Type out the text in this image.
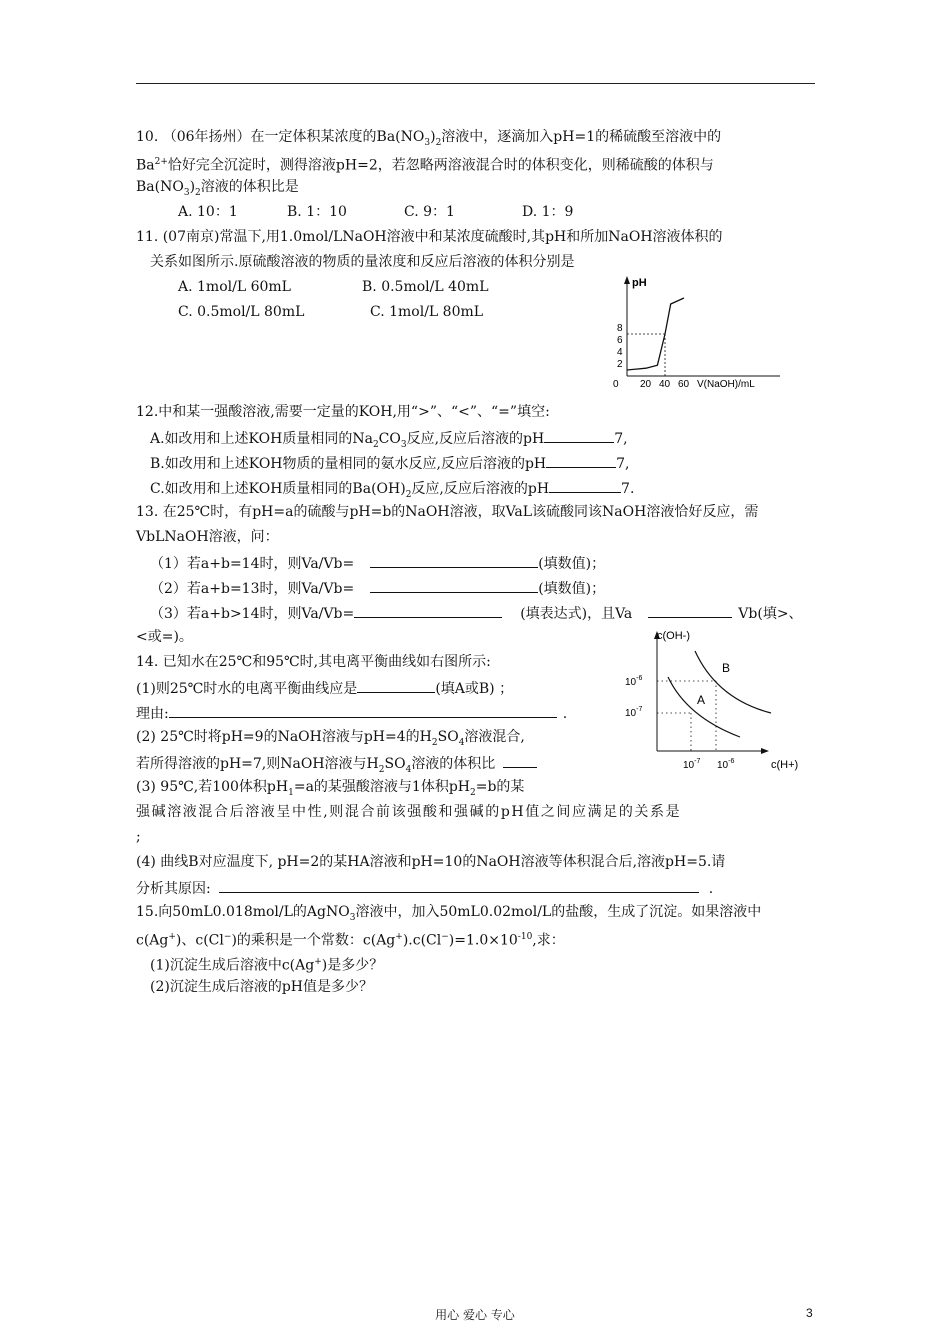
10. （06年扬州）在一定体积某浓度的$Ba(NO_3)_2$溶液中，逐滴加入pH=1的稀硫酸至溶液中的
$Ba^{2+}$恰好完全沉淀时，测得溶液pH=2，若忽略两溶液混合时的体积变化，则稀硫酸的体积与
$Ba(NO_3)_2$溶液的体积比是
A. 10：1	B. 1：10	C. 9：1	D. 1：9
11. (07南京)常温下,用1.0mol/LNaOH溶液中和某浓度硫酸时,其pH和所加NaOH溶液体积的
关系如图所示.原硫酸溶液的物质的量浓度和反应后溶液的体积分别是
A. 1mol/L 60mL	B. 0.5mol/L 40mL
C. 0.5mol/L 80mL	C. 1mol/L 80mL
pH
V(NaOH)/mL
2
4
6
8
0 20 40 60
12.中和某一强酸溶液,需要一定量的KOH,用“>”、“<”、“=”填空:
A.如改用和上述KOH质量相同的$Na_2CO_3$反应,反应后溶液的pH	7,
B.如改用和上述KOH物质的量相同的氨水反应,反应后溶液的pH	7,
C.如改用和上述KOH质量相同的$Ba(OH)_2$反应,反应后溶液的pH	7.
13. 在25℃时，有pH=a的硫酸与pH=b的NaOH溶液，取VaL该硫酸同该NaOH溶液恰好反应，需
VbLNaOH溶液，问：
（1）若a+b=14时，则Va/Vb=	(填数值)；
（2）若a+b=13时，则Va/Vb=	(填数值)；
（3）若a+b>14时，则Va/Vb=	(填表达式)，且Va	Vb(填>、
<或=)。	c(OH-)
c(H+)
$10^{-6}$
$10^{-7}$
$10^{-7}$ $10^{-6}$
A
B
14. 已知水在25℃和95℃时,其电离平衡曲线如右图所示:
(1)则25℃时水的电离平衡曲线应是	(填A或B) ；
理由:	.
(2) 25℃时将pH=9的NaOH溶液与pH=4的$H_2SO_4$溶液混合,
若所得溶液的pH=7,则NaOH溶液与$H_2SO_4$溶液的体积比
(3) 95℃,若100体积$pH_1=a$的某强酸溶液与1体积$pH_2=b$的某
强碱溶液混合后溶液呈中性,则混合前该强酸和强碱的pH值之间应满足的关系是
;
(4) 曲线B对应温度下, pH=2的某HA溶液和pH=10的NaOH溶液等体积混合后,溶液pH=5.请
分析其原因:	.
15.向50mL0.018mol/L的AgNO$_3$溶液中，加入50mL0.02mol/L的盐酸，生成了沉淀。如果溶液中
c(Ag+)、c(Cl−)的乘积是一个常数：$c(Ag^+).c(Cl^-)=1.0\times 10^{-10}$,求：
(1)沉淀生成后溶液中c(Ag+)是多少？
(2)沉淀生成后溶液的pH值是多少？
用心 爱心 专心	3
